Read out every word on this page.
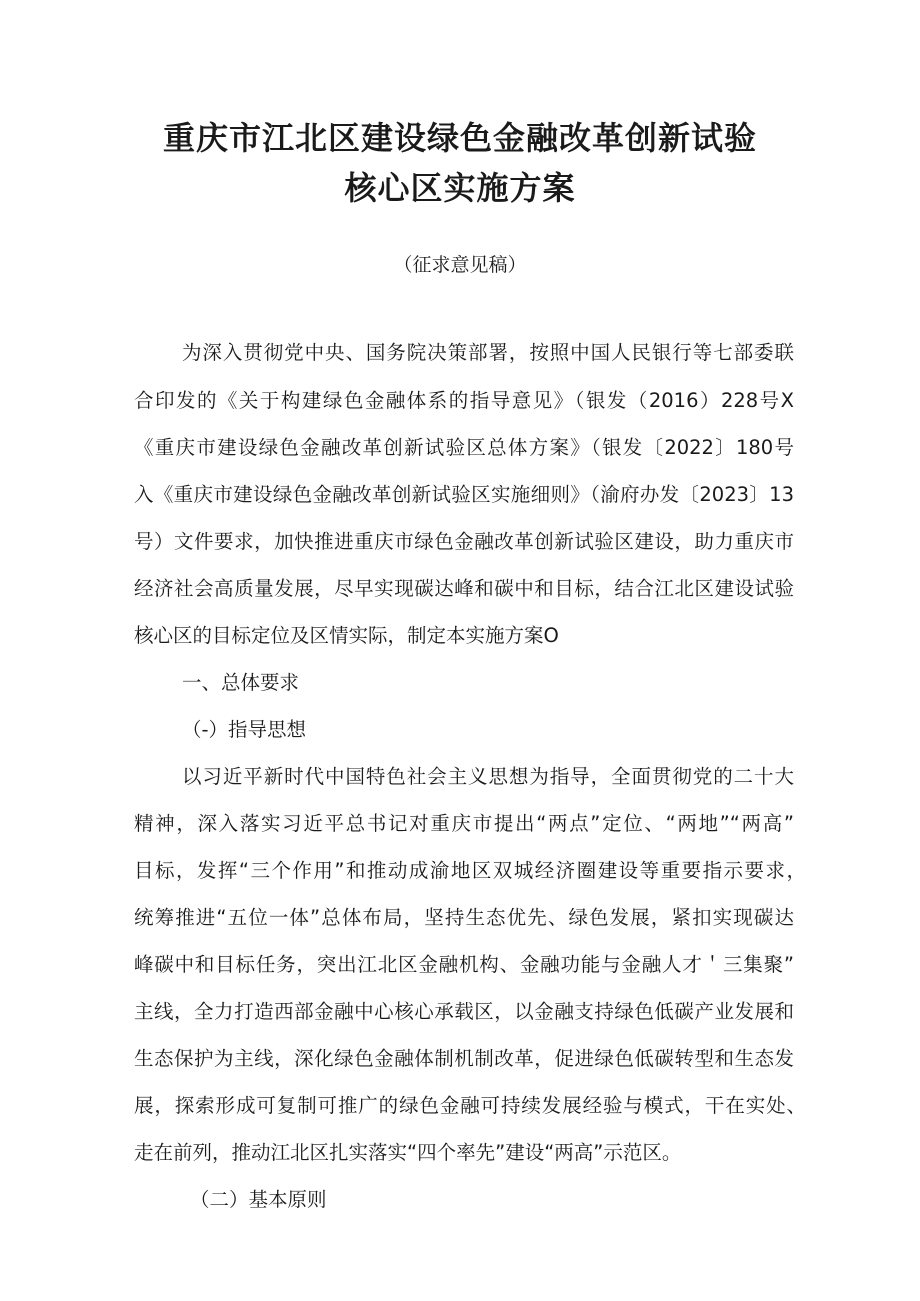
重庆市江北区建设绿色金融改革创新试验
核心区实施方案

（征求意见稿）

为深入贯彻党中央、国务院决策部署，按照中国人民银行等七部委联

合印发的《关于构建绿色金融体系的指导意见》（银发（2016）228号X

《重庆市建设绿色金融改革创新试验区总体方案》（银发〔2022〕180号

入《重庆市建设绿色金融改革创新试验区实施细则》（渝府办发〔2023〕13

号）文件要求，加快推进重庆市绿色金融改革创新试验区建设，助力重庆市

经济社会高质量发展，尽早实现碳达峰和碳中和目标，结合江北区建设试验

核心区的目标定位及区情实际，制定本实施方案O

一、总体要求

（-）指导思想

以习近平新时代中国特色社会主义思想为指导，全面贯彻党的二十大

精神，深入落实习近平总书记对重庆市提出“两点”定位、“两地”“两高”

目标，发挥“三个作用”和推动成渝地区双城经济圈建设等重要指示要求，

统筹推进“五位一体”总体布局，坚持生态优先、绿色发展，紧扣实现碳达

峰碳中和目标任务，突出江北区金融机构、金融功能与金融人才＇三集聚”

主线，全力打造西部金融中心核心承载区，以金融支持绿色低碳产业发展和

生态保护为主线，深化绿色金融体制机制改革，促进绿色低碳转型和生态发

展，探索形成可复制可推广的绿色金融可持续发展经验与模式，干在实处、

走在前列，推动江北区扎实落实“四个率先”建设“两高”示范区。

（二）基本原则
